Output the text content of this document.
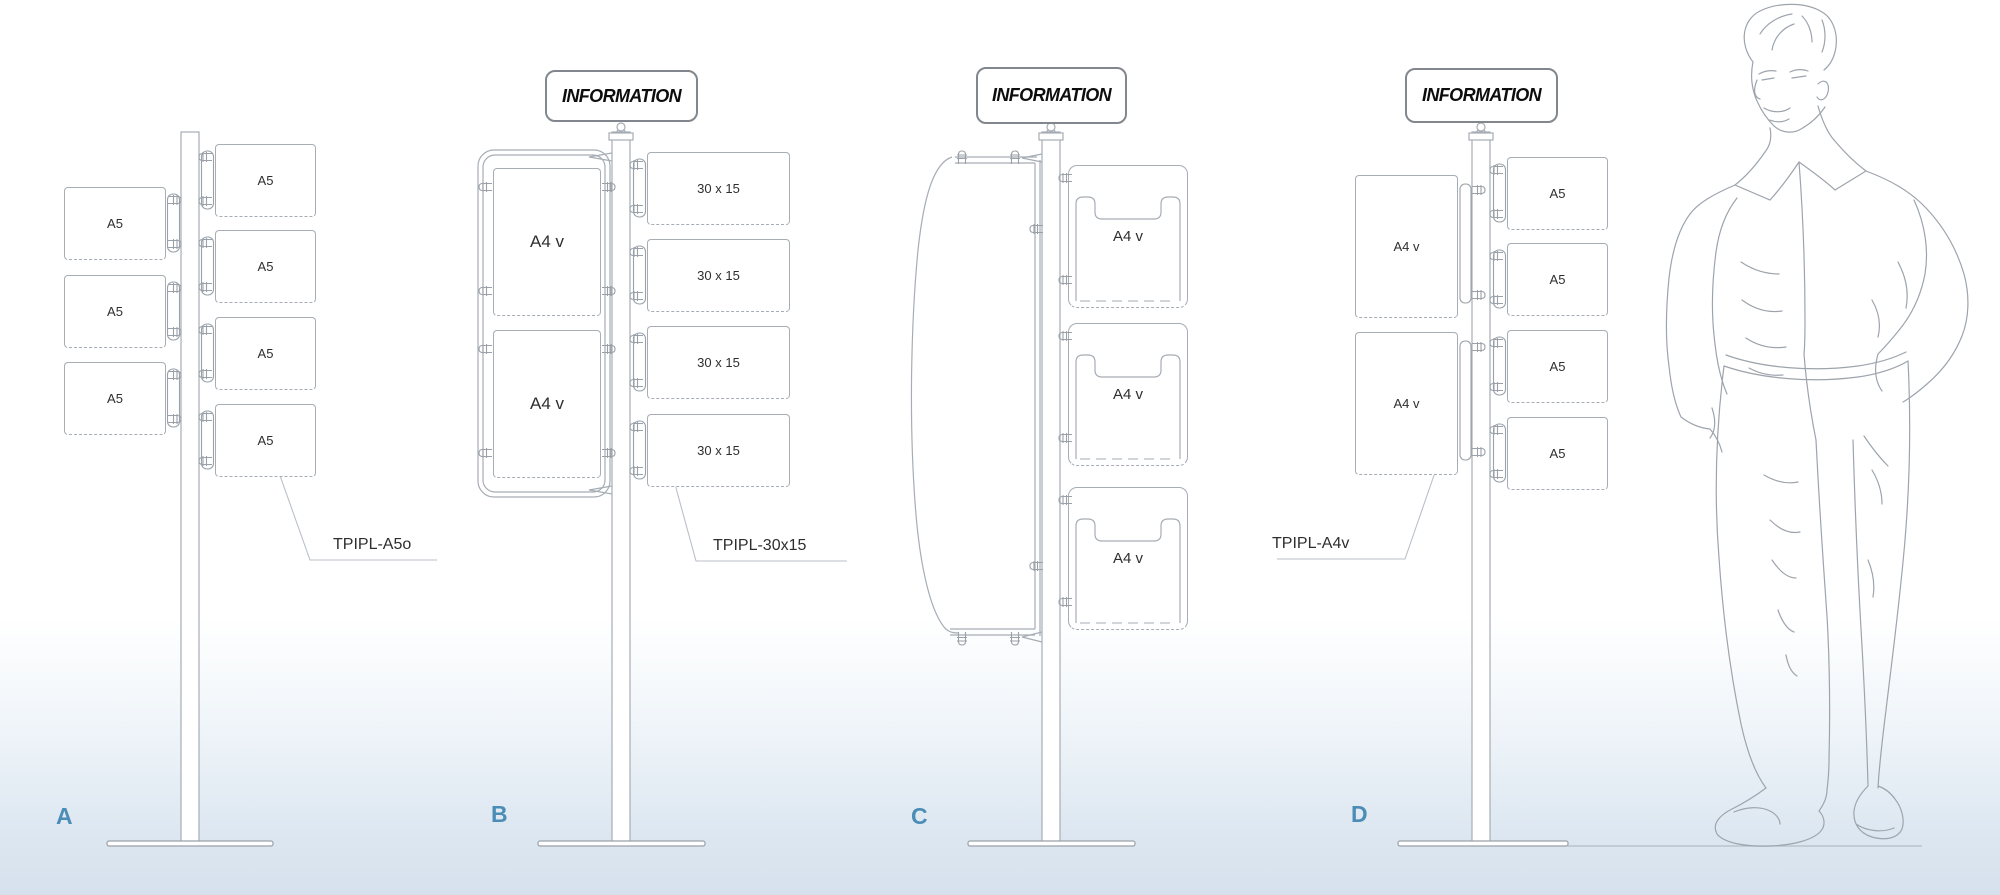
A5
A5
A5
A5
A5
A5
A5
INFORMATION
A4 v
A4 v
30 x 15
30 x 15
30 x 15
30 x 15
INFORMATION
A4 v
A4 v
A4 v
INFORMATION
A4 v
A4 v
A5
A5
A5
A5
TPIPL-A5o	TPIPL-30x15	TPIPL-A4v
A	B	C	D
